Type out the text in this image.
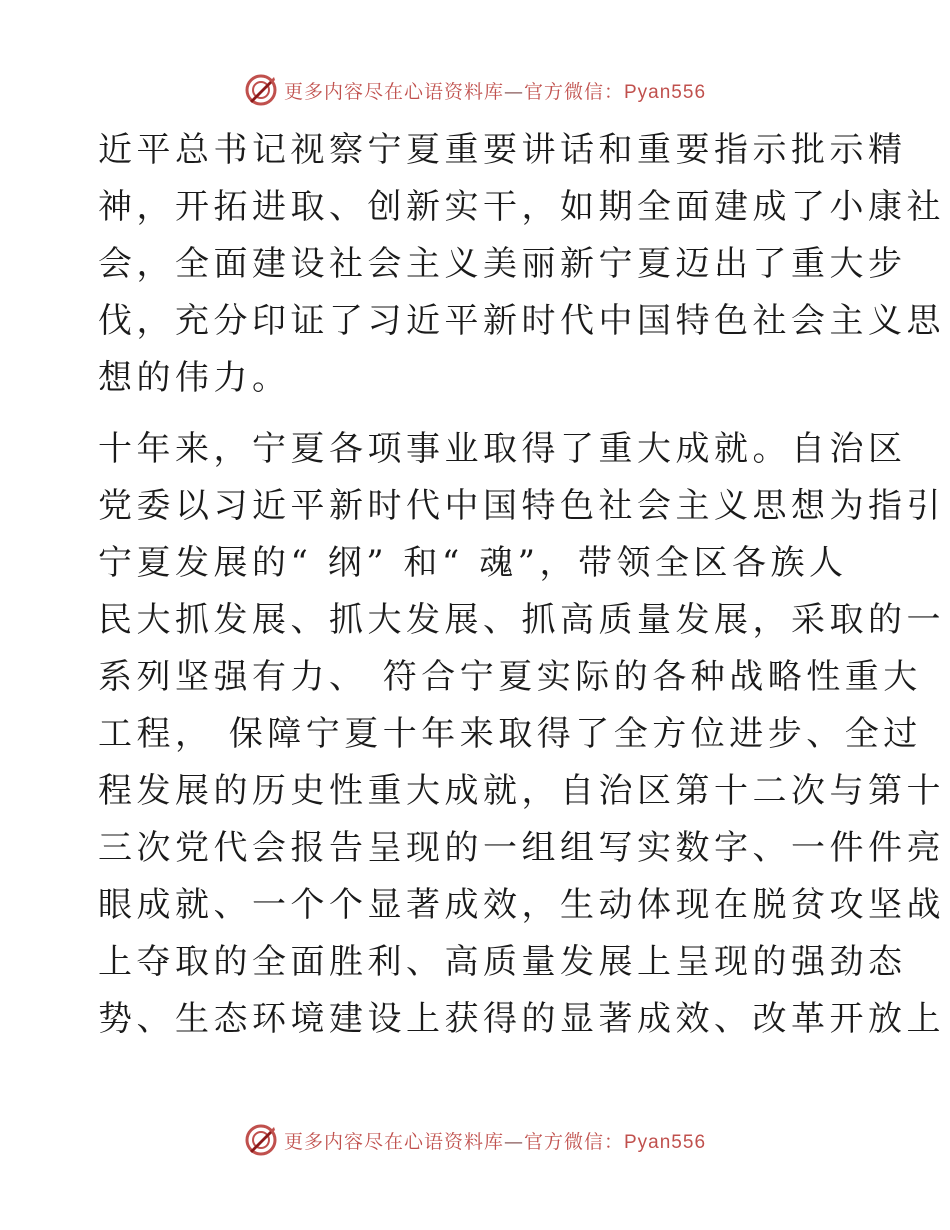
更多内容尽在心语资料库—官方微信：Pyan556

近平总书记视察宁夏重要讲话和重要指示批示精
神，开拓进取、创新实干，如期全面建成了小康社
会，全面建设社会主义美丽新宁夏迈出了重大步
伐，充分印证了习近平新时代中国特色社会主义思
想的伟力。

十年来，宁夏各项事业取得了重大成就。自治区
党委以习近平新时代中国特色社会主义思想为指引
宁夏发展的“ 纲” 和“ 魂”，带领全区各族人
民大抓发展、抓大发展、抓高质量发展，采取的一
系列坚强有力、 符合宁夏实际的各种战略性重大
工程， 保障宁夏十年来取得了全方位进步、全过
程发展的历史性重大成就，自治区第十二次与第十
三次党代会报告呈现的一组组写实数字、一件件亮
眼成就、一个个显著成效，生动体现在脱贫攻坚战
上夺取的全面胜利、高质量发展上呈现的强劲态
势、生态环境建设上获得的显著成效、改革开放上

更多内容尽在心语资料库—官方微信：Pyan556
